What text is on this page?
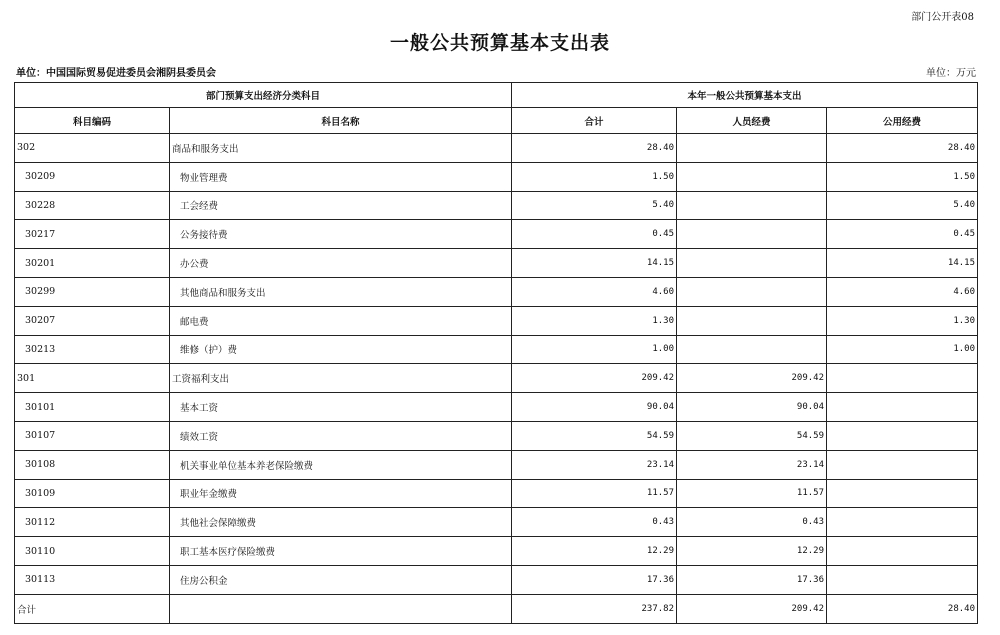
部门公开表08
一般公共预算基本支出表
单位：中国国际贸易促进委员会湘阴县委员会	单位：万元
部门预算支出经济分类科目		本年一般公共预算基本支出		
科目编码	科目名称	合计	人员经费	公用经费
302	商品和服务支出	28.40		28.40
30209	物业管理费	1.50		1.50
30228	工会经费	5.40		5.40
30217	公务接待费	0.45		0.45
30201	办公费	14.15		14.15
30299	其他商品和服务支出	4.60		4.60
30207	邮电费	1.30		1.30
30213	维修（护）费	1.00		1.00
301	工资福利支出	209.42	209.42	
30101	基本工资	90.04	90.04	
30107	绩效工资	54.59	54.59	
30108	机关事业单位基本养老保险缴费	23.14	23.14	
30109	职业年金缴费	11.57	11.57	
30112	其他社会保障缴费	0.43	0.43	
30110	职工基本医疗保险缴费	12.29	12.29	
30113	住房公积金	17.36	17.36	
合计		237.82	209.42	28.40
